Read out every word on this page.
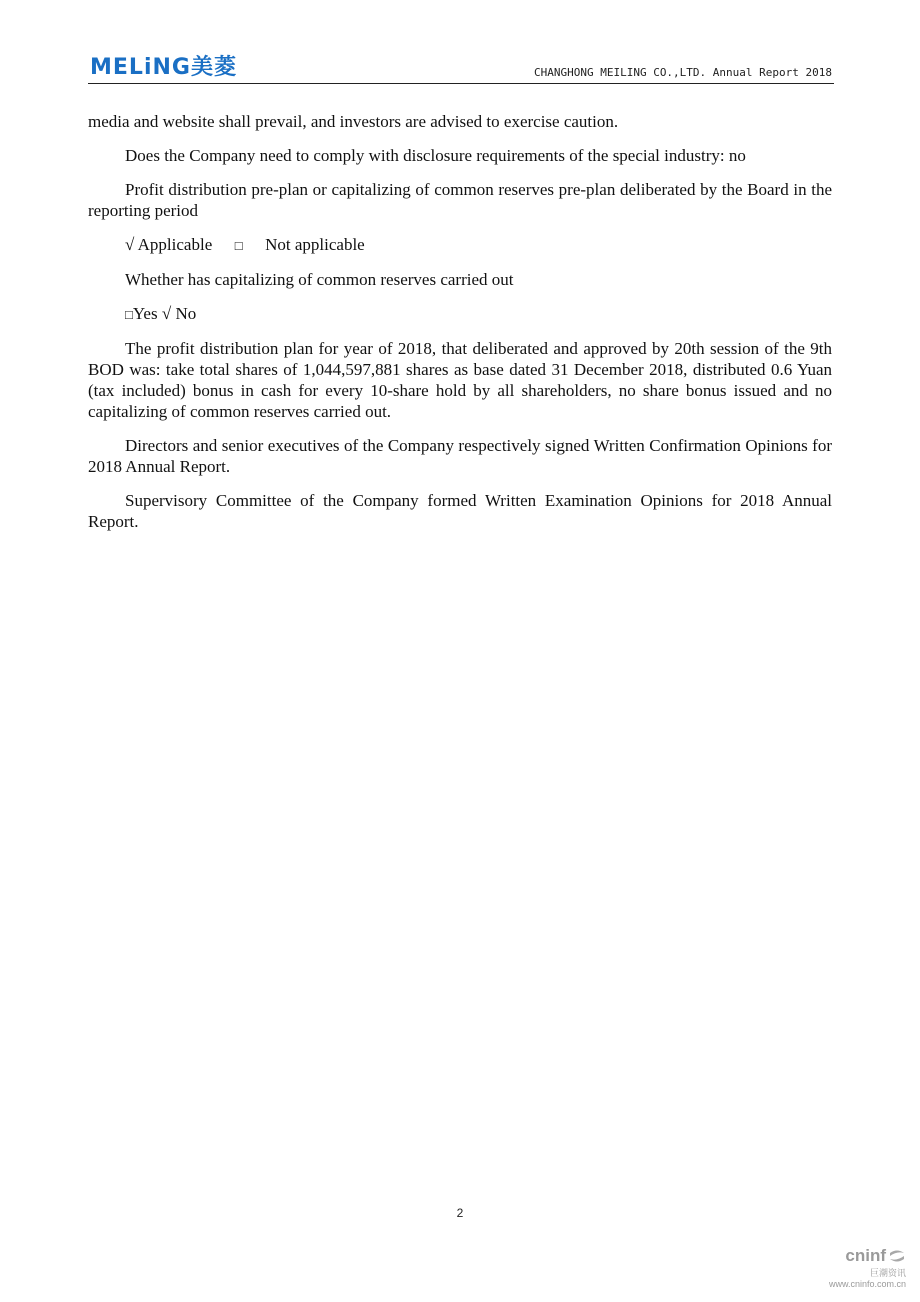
MELiNG美菱	CHANGHONG MEILING CO.,LTD. Annual Report 2018

media and website shall prevail, and investors are advised to exercise caution.

Does the Company need to comply with disclosure requirements of the special industry: no

Profit distribution pre-plan or capitalizing of common reserves pre-plan deliberated by the Board in the reporting period

√ Applicable □ Not applicable

Whether has capitalizing of common reserves carried out

□Yes √ No

The profit distribution plan for year of 2018, that deliberated and approved by 20th session of the 9th BOD was: take total shares of 1,044,597,881 shares as base dated 31 December 2018, distributed 0.6 Yuan (tax included) bonus in cash for every 10-share hold by all shareholders, no share bonus issued and no capitalizing of common reserves carried out.

Directors and senior executives of the Company respectively signed Written Confirmation Opinions for 2018 Annual Report.

Supervisory Committee of the Company formed Written Examination Opinions for 2018 Annual Report.

2
cninf
巨潮资讯
www.cninfo.com.cn
